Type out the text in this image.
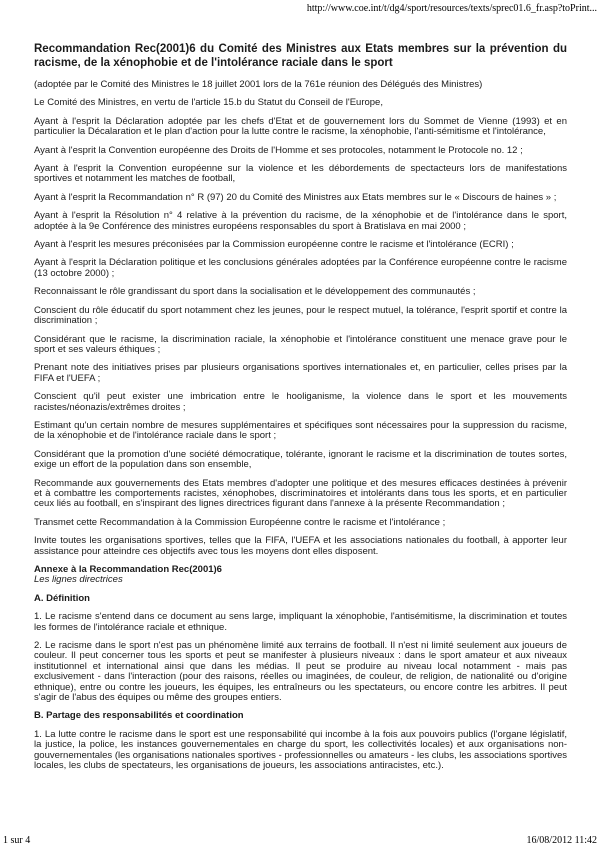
http://www.coe.int/t/dg4/sport/resources/texts/sprec01.6_fr.asp?toPrint...
Recommandation Rec(2001)6 du Comité des Ministres aux Etats membres sur la prévention du racisme, de la xénophobie et de l'intolérance raciale dans le sport

(adoptée par le Comité des Ministres le 18 juillet 2001 lors de la 761e réunion des Délégués des Ministres)

Le Comité des Ministres, en vertu de l'article 15.b du Statut du Conseil de l'Europe,

Ayant à l'esprit la Déclaration adoptée par les chefs d'Etat et de gouvernement lors du Sommet de Vienne (1993) et en particulier la Décalaration et le plan d'action pour la lutte contre le racisme, la xénophobie, l'anti-sémitisme et l'intolérance,

Ayant à l'esprit la Convention européenne des Droits de l'Homme et ses protocoles, notamment le Protocole no. 12 ;

Ayant à l'esprit la Convention européenne sur la violence et les débordements de spectacteurs lors de manifestations sportives et notamment les matches de football,

Ayant à l'esprit la Recommandation n° R (97) 20 du Comité des Ministres aux Etats membres sur le « Discours de haines » ;

Ayant à l'esprit la Résolution n° 4 relative à la prévention du racisme, de la xénophobie et de l'intolérance dans le sport, adoptée à la 9e Conférence des ministres européens responsables du sport à Bratislava en mai 2000 ;

Ayant à l'esprit les mesures préconisées par la Commission européenne contre le racisme et l'intolérance (ECRI) ;

Ayant à l'esprit la Déclaration politique et les conclusions générales adoptées par la Conférence européenne contre le racisme (13 octobre 2000) ;

Reconnaissant le rôle grandissant du sport dans la socialisation et le développement des communautés ;

Conscient du rôle éducatif du sport notamment chez les jeunes, pour le respect mutuel, la tolérance, l'esprit sportif et contre la discrimination ;

Considérant que le racisme, la discrimination raciale, la xénophobie et l'intolérance constituent une menace grave pour le sport et ses valeurs éthiques ;

Prenant note des initiatives prises par plusieurs organisations sportives internationales et, en particulier, celles prises par la FIFA et l'UEFA ;

Conscient qu'il peut exister une imbrication entre le hooliganisme, la violence dans le sport et les mouvements racistes/néonazis/extrêmes droites ;

Estimant qu'un certain nombre de mesures supplémentaires et spécifiques sont nécessaires pour la suppression du racisme, de la xénophobie et de l'intolérance raciale dans le sport ;

Considérant que la promotion d'une société démocratique, tolérante, ignorant le racisme et la discrimination de toutes sortes, exige un effort de la population dans son ensemble,

Recommande aux gouvernements des Etats membres d'adopter une politique et des mesures efficaces destinées à prévenir et à combattre les comportements racistes, xénophobes, discriminatoires et intolérants dans tous les sports, et en particulier ceux liés au football, en s'inspirant des lignes directrices figurant dans l'annexe à la présente Recommandation ;

Transmet cette Recommandation à la Commission Européenne contre le racisme et l'intolérance ;

Invite toutes les organisations sportives, telles que la FIFA, l'UEFA et les associations nationales du football, à apporter leur assistance pour atteindre ces objectifs avec tous les moyens dont elles disposent.

Annexe à la Recommandation Rec(2001)6

Les lignes directrices

A. Définition

1. Le racisme s'entend dans ce document au sens large, impliquant la xénophobie, l'antisémitisme, la discrimination et toutes les formes de l'intolérance raciale et ethnique.

2. Le racisme dans le sport n'est pas un phénomène limité aux terrains de football. Il n'est ni limité seulement aux joueurs de couleur. Il peut concerner tous les sports et peut se manifester à plusieurs niveaux : dans le sport amateur et aux niveaux institutionnel et international ainsi que dans les médias. Il peut se produire au niveau local notamment - mais pas exclusivement - dans l'interaction (pour des raisons, réelles ou imaginées, de couleur, de religion, de nationalité ou d'origine ethnique), entre ou contre les joueurs, les équipes, les entraîneurs ou les spectateurs, ou encore contre les arbitres. Il peut s'agir de l'abus des équipes ou même des groupes entiers.

B. Partage des responsabilités et coordination

1. La lutte contre le racisme dans le sport est une responsabilité qui incombe à la fois aux pouvoirs publics (l'organe législatif, la justice, la police, les instances gouvernementales en charge du sport, les collectivités locales) et aux organisations non-gouvernementales (les organisations nationales sportives - professionnelles ou amateurs - les clubs, les associations sportives locales, les clubs de spectateurs, les organisations de joueurs, les associations antiracistes, etc.).

1 sur 4	16/08/2012 11:42
